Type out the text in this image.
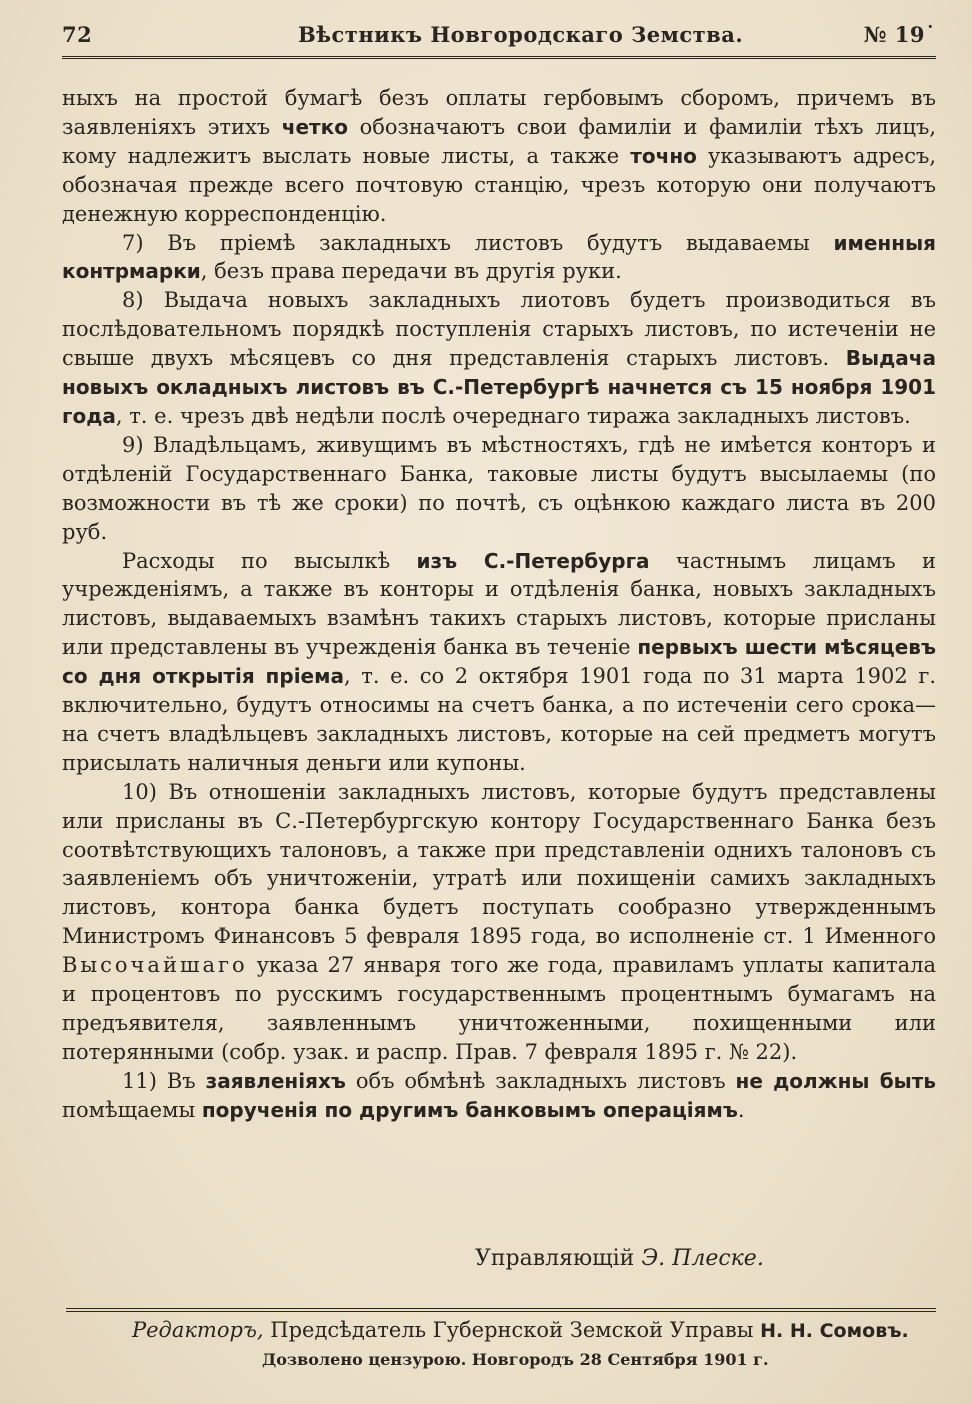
72	Вѣстникъ Новгородскаго Земства.	№ 19˙

ныхъ на простой бумагѣ безъ оплаты гербовымъ сборомъ, причемъ въ заявленіяхъ этихъ четко обозначаютъ свои фамиліи и фамиліи тѣхъ лицъ, кому надлежитъ выслать новые листы, а также точно указываютъ адресъ, обозначая прежде всего почтовую станцію, чрезъ которую они получаютъ денежную корреспонденцію.

7) Въ пріемѣ закладныхъ листовъ будутъ выдаваемы именныя контрмарки, безъ права передачи въ другія руки.

8) Выдача новыхъ закладныхъ лиотовъ будетъ производиться въ послѣдовательномъ порядкѣ поступленія старыхъ листовъ, по истеченіи не свыше двухъ мѣсяцевъ со дня представленія старыхъ листовъ. Выдача новыхъ окладныхъ листовъ въ С.-Петербургѣ начнется съ 15 ноября 1901 года, т. е. чрезъ двѣ недѣли послѣ очереднаго тиража закладныхъ листовъ.

9) Владѣльцамъ, живущимъ въ мѣстностяхъ, гдѣ не имѣется конторъ и отдѣленій Государственнаго Банка, таковые листы будутъ высылаемы (по возможности въ тѣ же сроки) по почтѣ, съ оцѣнкою каждаго листа въ 200 руб.

Расходы по высылкѣ изъ С.-Петербурга частнымъ лицамъ и учрежденіямъ, а также въ конторы и отдѣленія банка, новыхъ закладныхъ листовъ, выдаваемыхъ взамѣнъ такихъ старыхъ листовъ, которые присланы или представлены въ учрежденія банка въ теченіе первыхъ шести мѣсяцевъ со дня открытія пріема, т. е. со 2 октября 1901 года по 31 марта 1902 г. включительно, будутъ относимы на счетъ банка, а по истеченіи сего срока—на счетъ владѣльцевъ закладныхъ листовъ, которые на сей предметъ могутъ присылать наличныя деньги или купоны.

10) Въ отношеніи закладныхъ листовъ, которые будутъ представлены или присланы въ С.-Петербургскую контору Государственнаго Банка безъ соотвѣтствующихъ талоновъ, а также при представленіи однихъ талоновъ съ заявленіемъ объ уничтоженіи, утратѣ или похищеніи самихъ закладныхъ листовъ, контора банка будетъ поступать сообразно утвержденнымъ Министромъ Финансовъ 5 февраля 1895 года, во исполненіе ст. 1 Именного Высочайшаго указа 27 января того же года, правиламъ уплаты капитала и процентовъ по русскимъ государственнымъ процентнымъ бумагамъ на предъявителя, заявленнымъ уничтоженными, похищенными или потерянными (собр. узак. и распр. Прав. 7 февраля 1895 г. № 22).

11) Въ заявленіяхъ объ обмѣнѣ закладныхъ листовъ не должны быть помѣщаемы порученія по другимъ банковымъ операціямъ.

Управляющій Э. Плеске.
Редакторъ, Предсѣдатель Губернской Земской Управы Н. Н. Сомовъ.
Дозволено цензурою. Новгородъ 28 Сентября 1901 г.
